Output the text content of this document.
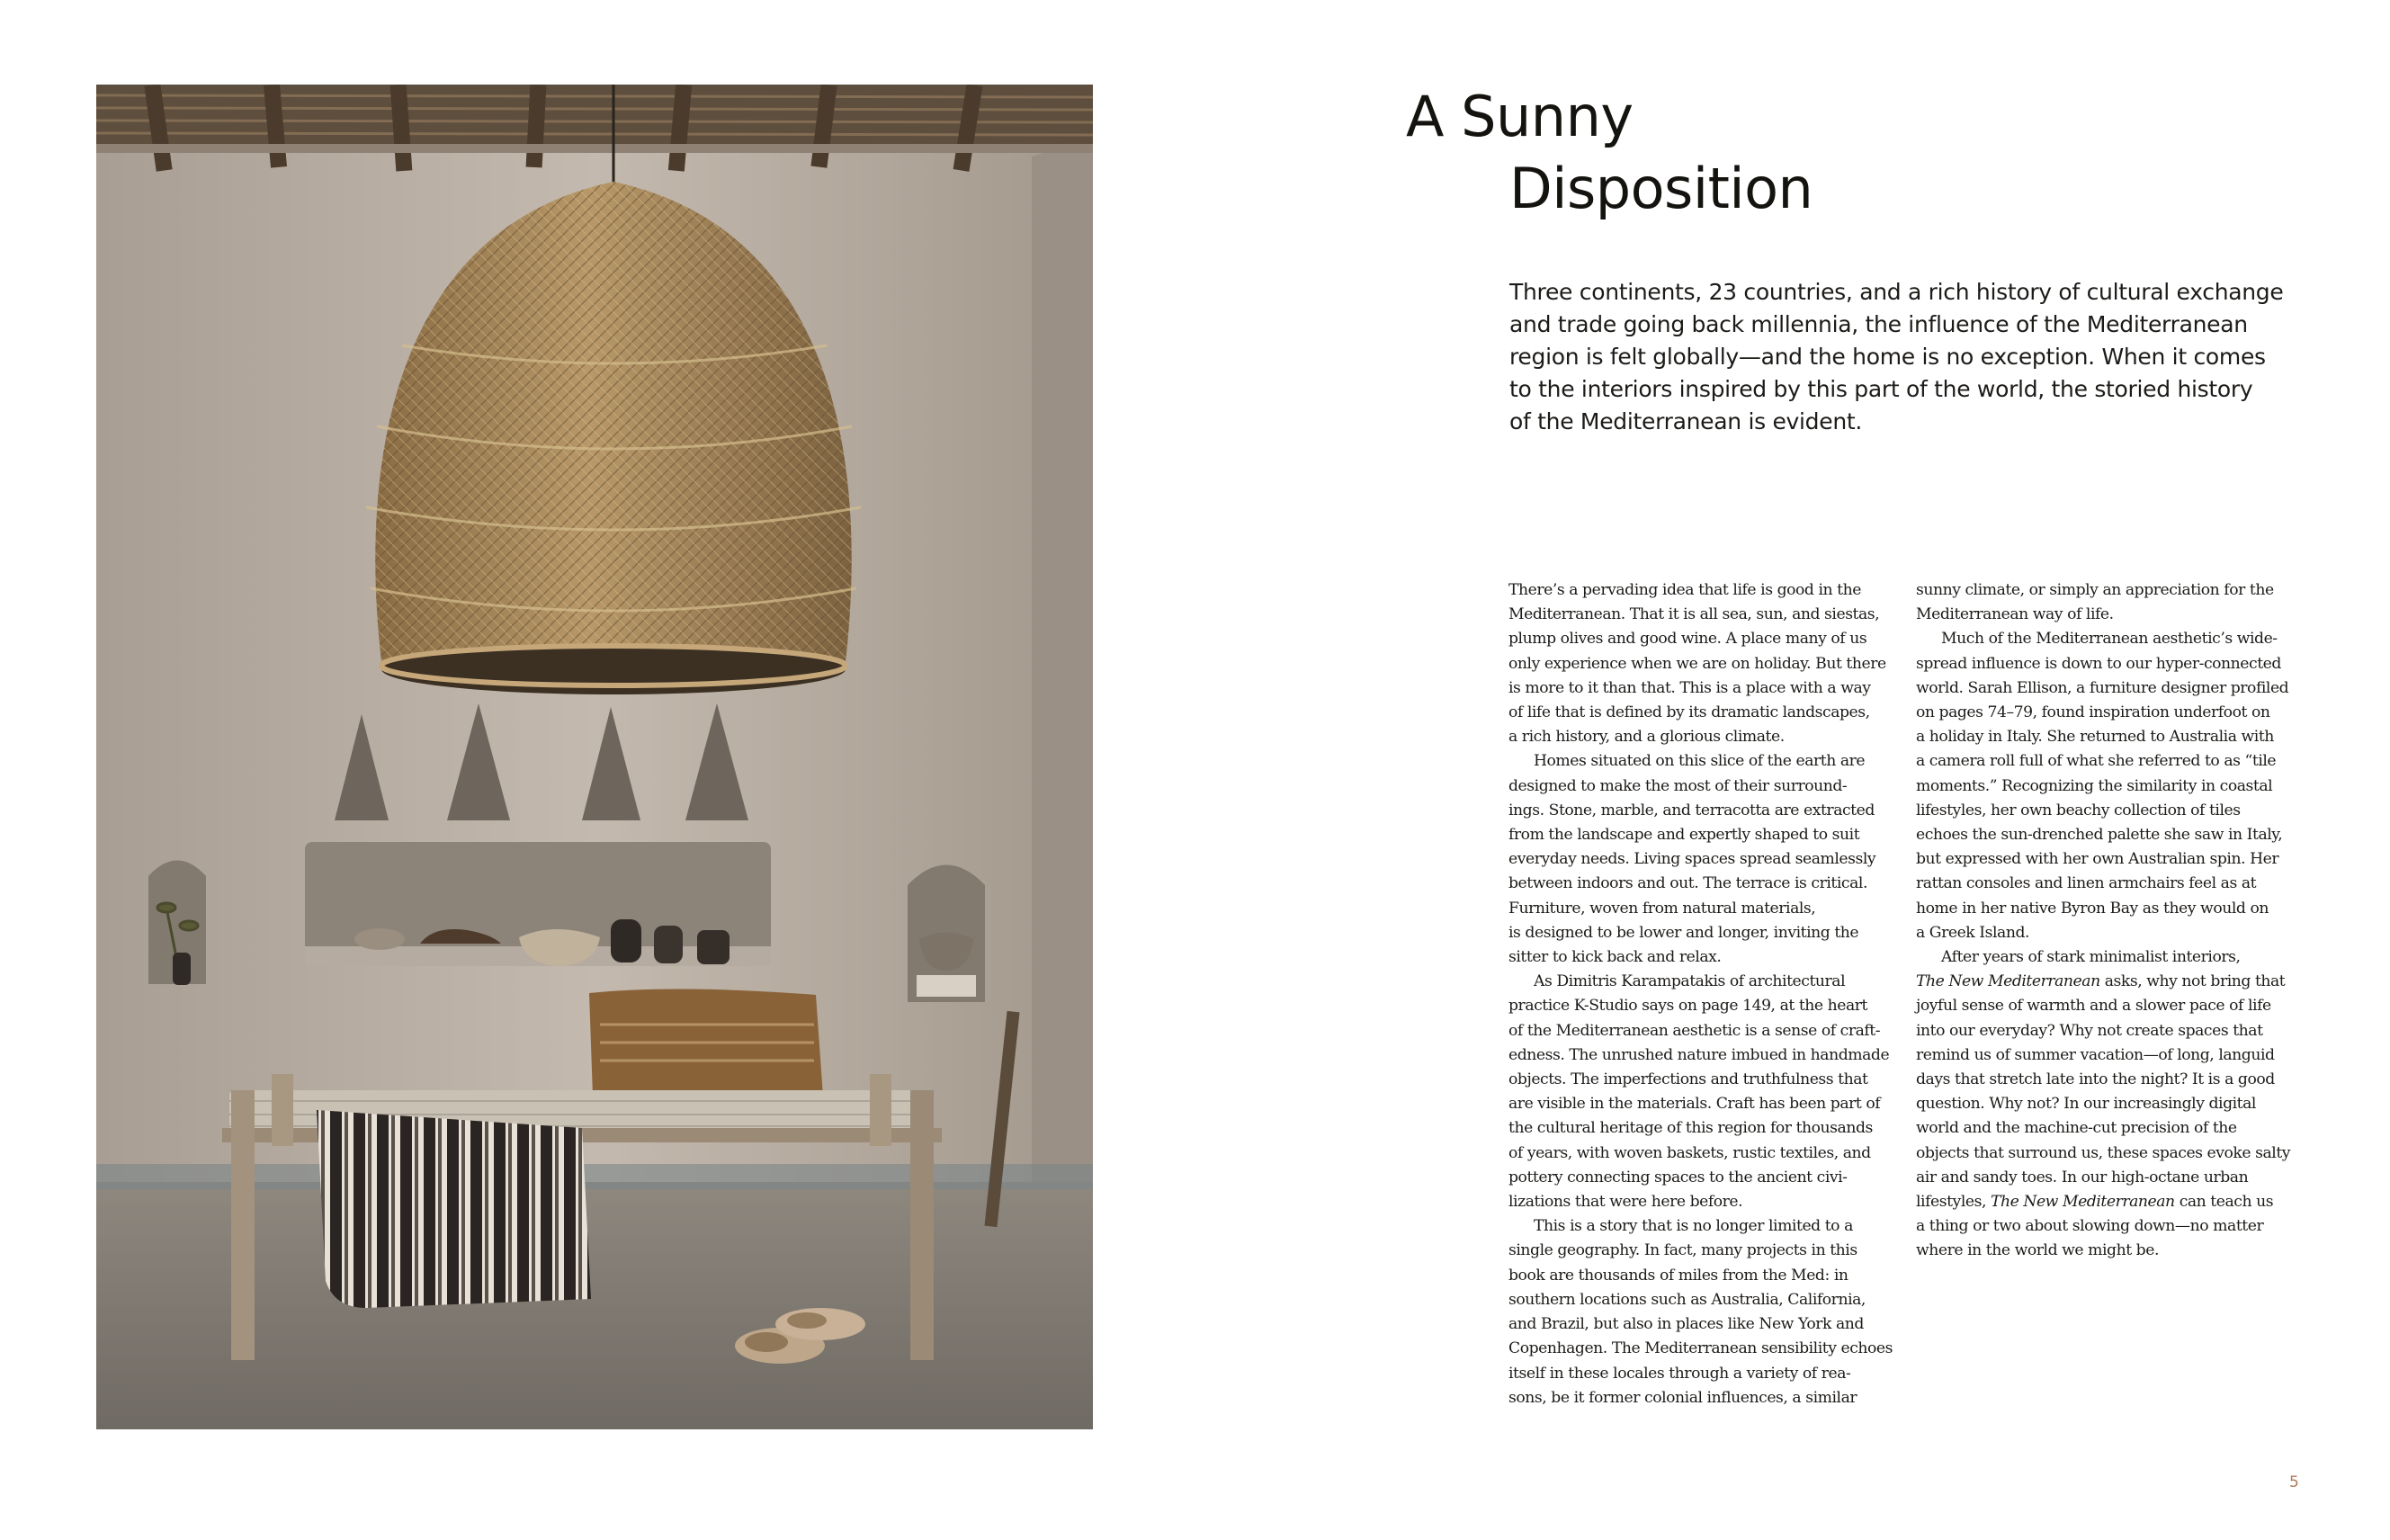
A Sunny
Disposition
Three continents, 23 countries, and a rich history of cultural exchange
and trade going back millennia, the influence of the Mediterranean
region is felt globally—and the home is no exception. When it comes
to the interiors inspired by this part of the world, the storied history
of the Mediterranean is evident.
There’s a pervading idea that life is good in the
Mediterranean. That it is all sea, sun, and siestas,
plump olives and good wine. A place many of us
only experience when we are on holiday. But there
is more to it than that. This is a place with a way
of life that is defined by its dramatic landscapes,
a rich history, and a glorious climate.
Homes situated on this slice of the earth are
designed to make the most of their surround-
ings. Stone, marble, and terracotta are extracted
from the landscape and expertly shaped to suit
everyday needs. Living spaces spread seamlessly
between indoors and out. The terrace is critical.
Furniture, woven from natural materials,
is designed to be lower and longer, inviting the
sitter to kick back and relax.
As Dimitris Karampatakis of architectural
practice K-Studio says on page 149, at the heart
of the Mediterranean aesthetic is a sense of craft-
edness. The unrushed nature imbued in handmade
objects. The imperfections and truthfulness that
are visible in the materials. Craft has been part of
the cultural heritage of this region for thousands
of years, with woven baskets, rustic textiles, and
pottery connecting spaces to the ancient civi-
lizations that were here before.
This is a story that is no longer limited to a
single geography. In fact, many projects in this
book are thousands of miles from the Med: in
southern locations such as Australia, California,
and Brazil, but also in places like New York and
Copenhagen. The Mediterranean sensibility echoes
itself in these locales through a variety of rea-
sons, be it former colonial influences, a similar
sunny climate, or simply an appreciation for the
Mediterranean way of life.
Much of the Mediterranean aesthetic’s wide-
spread influence is down to our hyper-connected
world. Sarah Ellison, a furniture designer profiled
on pages 74–79, found inspiration underfoot on
a holiday in Italy. She returned to Australia with
a camera roll full of what she referred to as “tile
moments.” Recognizing the similarity in coastal
lifestyles, her own beachy collection of tiles
echoes the sun-drenched palette she saw in Italy,
but expressed with her own Australian spin. Her
rattan consoles and linen armchairs feel as at
home in her native Byron Bay as they would on
a Greek Island.
After years of stark minimalist interiors,
The New Mediterranean asks, why not bring that
joyful sense of warmth and a slower pace of life
into our everyday? Why not create spaces that
remind us of summer vacation—of long, languid
days that stretch late into the night? It is a good
question. Why not? In our increasingly digital
world and the machine-cut precision of the
objects that surround us, these spaces evoke salty
air and sandy toes. In our high-octane urban
lifestyles, The New Mediterranean can teach us
a thing or two about slowing down—no matter
where in the world we might be.
5
